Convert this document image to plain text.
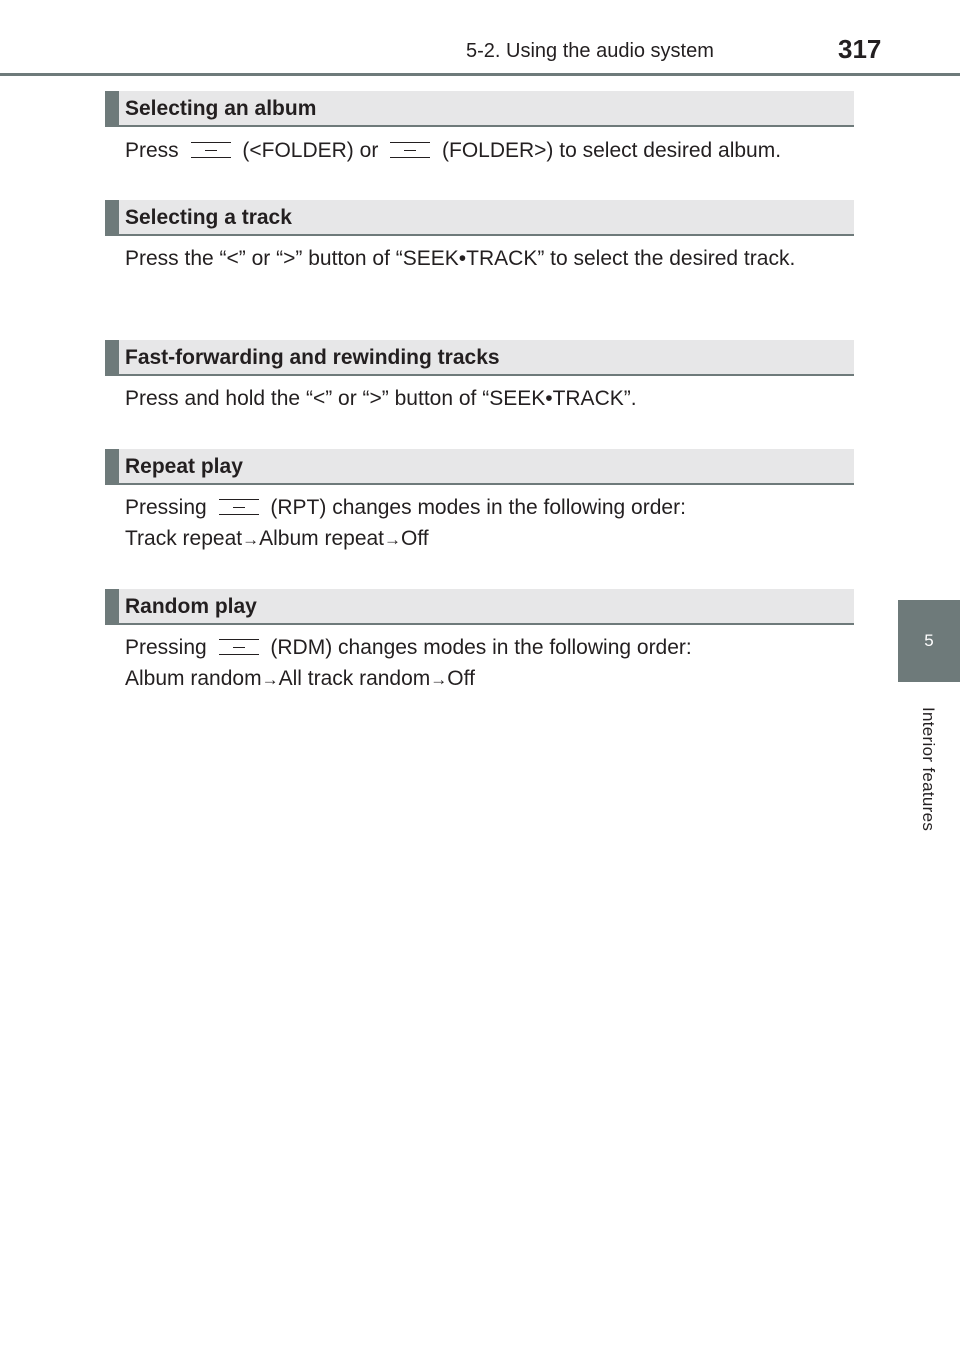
5-2. Using the audio system	317
5
Interior features
Selecting an album
Press	(<FOLDER) or	(FOLDER>) to select desired album.
Selecting a track
Press the “<” or “>” button of “SEEK•TRACK” to select the desired track.
Fast-forwarding and rewinding tracks
Press and hold the “<” or “>” button of “SEEK•TRACK”.
Repeat play
Pressing	(RPT) changes modes in the following order:
Track repeat→Album repeat→Off
Random play
Pressing	(RDM) changes modes in the following order:
Album random→All track random→Off
